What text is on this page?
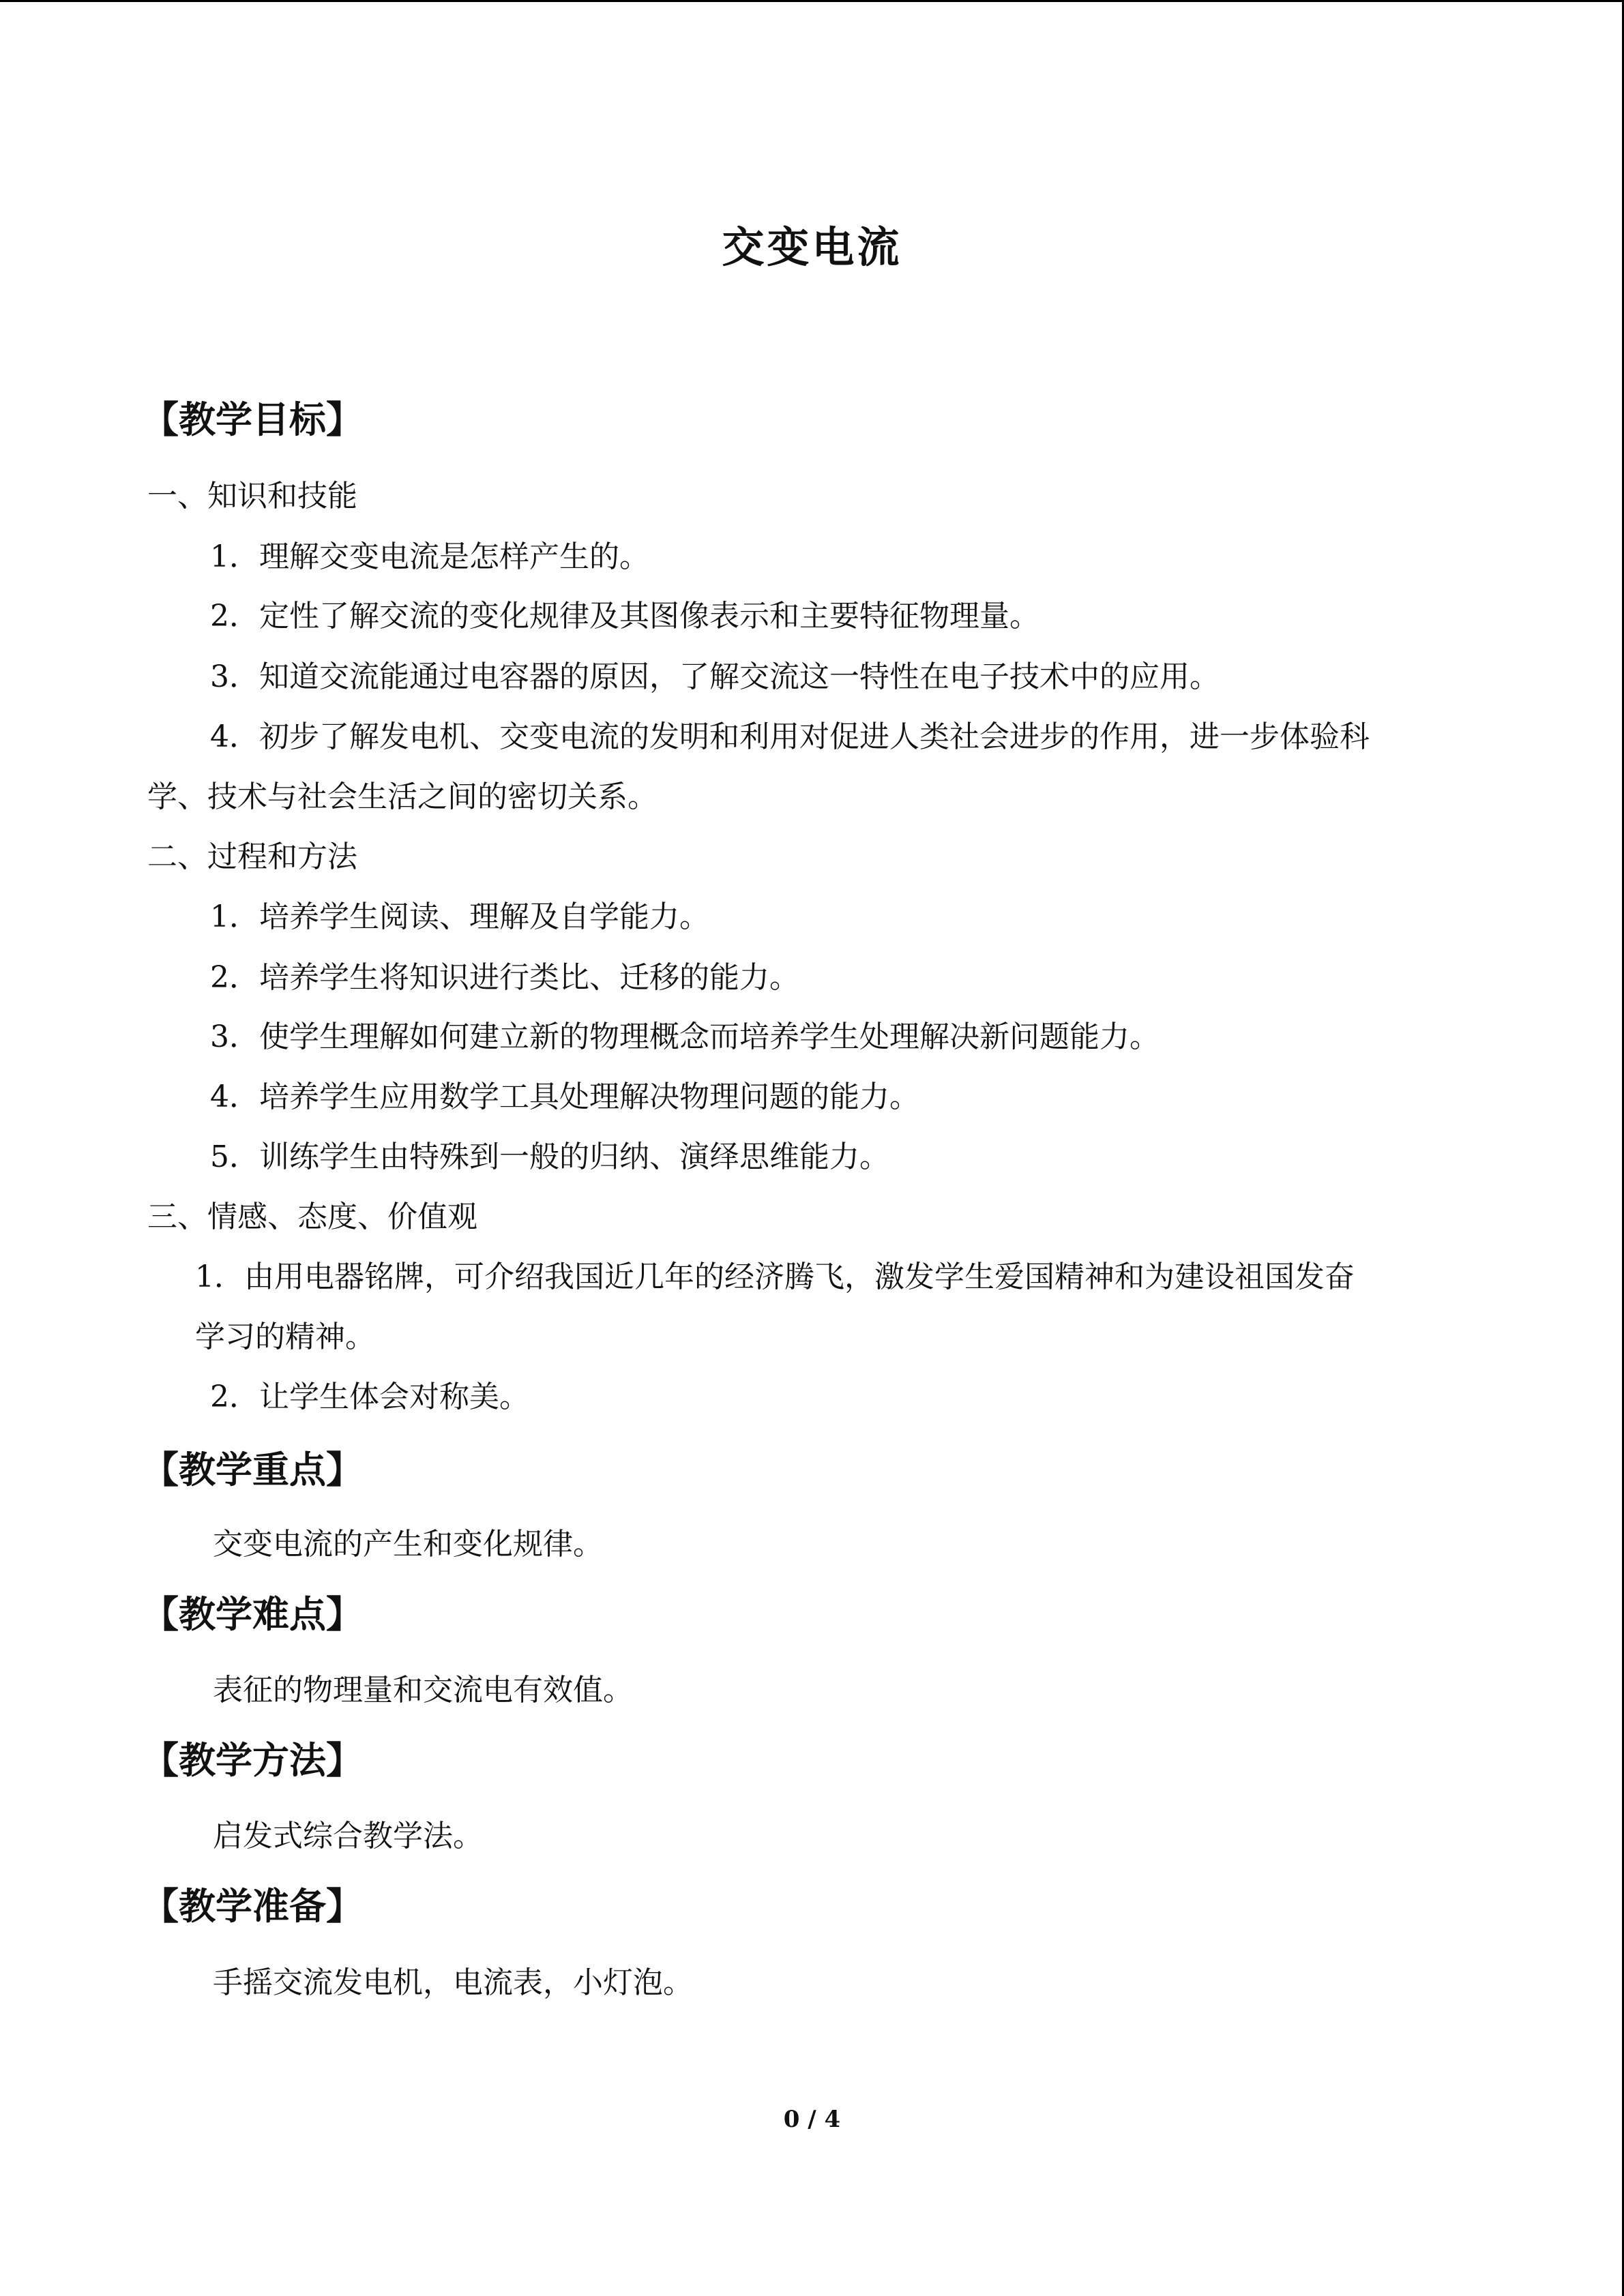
交变电流
【教学目标】
一、知识和技能
1．理解交变电流是怎样产生的。
2．定性了解交流的变化规律及其图像表示和主要特征物理量。
3．知道交流能通过电容器的原因，了解交流这一特性在电子技术中的应用。
4．初步了解发电机、交变电流的发明和利用对促进人类社会进步的作用，进一步体验科
学、技术与社会生活之间的密切关系。
二、过程和方法
1．培养学生阅读、理解及自学能力。
2．培养学生将知识进行类比、迁移的能力。
3．使学生理解如何建立新的物理概念而培养学生处理解决新问题能力。
4．培养学生应用数学工具处理解决物理问题的能力。
5．训练学生由特殊到一般的归纳、演绎思维能力。
三、情感、态度、价值观
1．由用电器铭牌，可介绍我国近几年的经济腾飞，激发学生爱国精神和为建设祖国发奋
学习的精神。
2．让学生体会对称美。
【教学重点】
交变电流的产生和变化规律。
【教学难点】
表征的物理量和交流电有效值。
【教学方法】
启发式综合教学法。
【教学准备】
手摇交流发电机，电流表，小灯泡。
0 / 4
